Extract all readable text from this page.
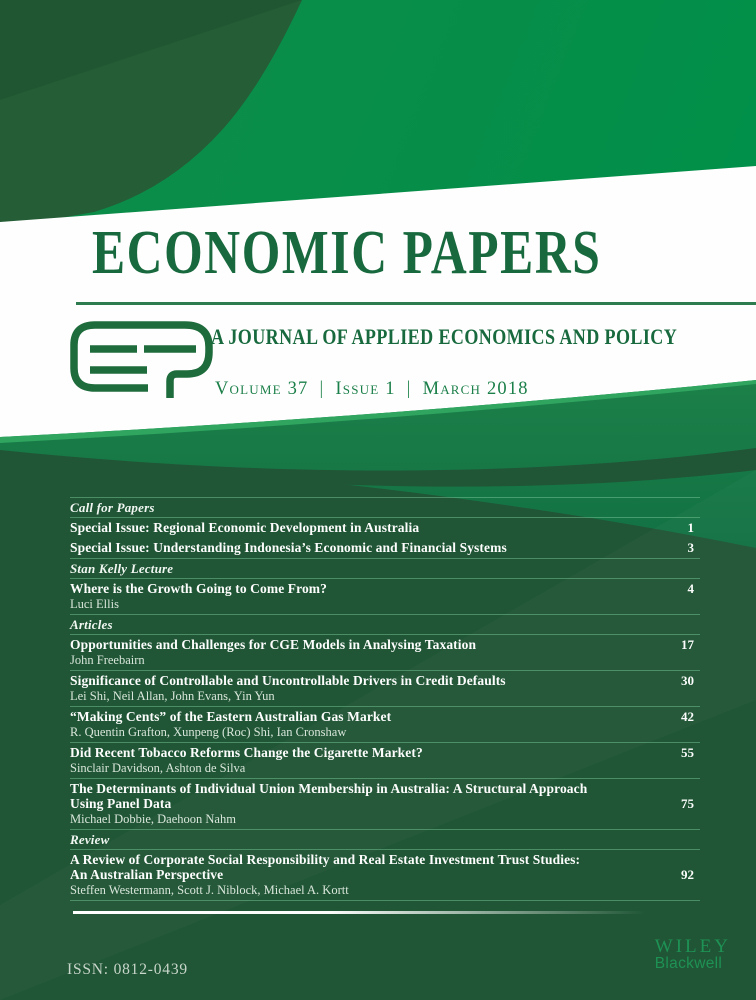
ECONOMIC PAPERS
A JOURNAL OF APPLIED ECONOMICS AND POLICY
Volume 37 | Issue 1 | March 2018
Call for Papers
Special Issue: Regional Economic Development in Australia	1
Special Issue: Understanding Indonesia’s Economic and Financial Systems	3
Stan Kelly Lecture
Where is the Growth Going to Come From?	4
Luci Ellis
Articles
Opportunities and Challenges for CGE Models in Analysing Taxation	17
John Freebairn
Significance of Controllable and Uncontrollable Drivers in Credit Defaults	30
Lei Shi, Neil Allan, John Evans, Yin Yun
“Making Cents” of the Eastern Australian Gas Market	42
R. Quentin Grafton, Xunpeng (Roc) Shi, Ian Cronshaw
Did Recent Tobacco Reforms Change the Cigarette Market?	55
Sinclair Davidson, Ashton de Silva
The Determinants of Individual Union Membership in Australia: A Structural Approach
Using Panel Data	75
Michael Dobbie, Daehoon Nahm
Review
A Review of Corporate Social Responsibility and Real Estate Investment Trust Studies:
An Australian Perspective	92
Steffen Westermann, Scott J. Niblock, Michael A. Kortt
ISSN: 0812-0439
WILEY
Blackwell
